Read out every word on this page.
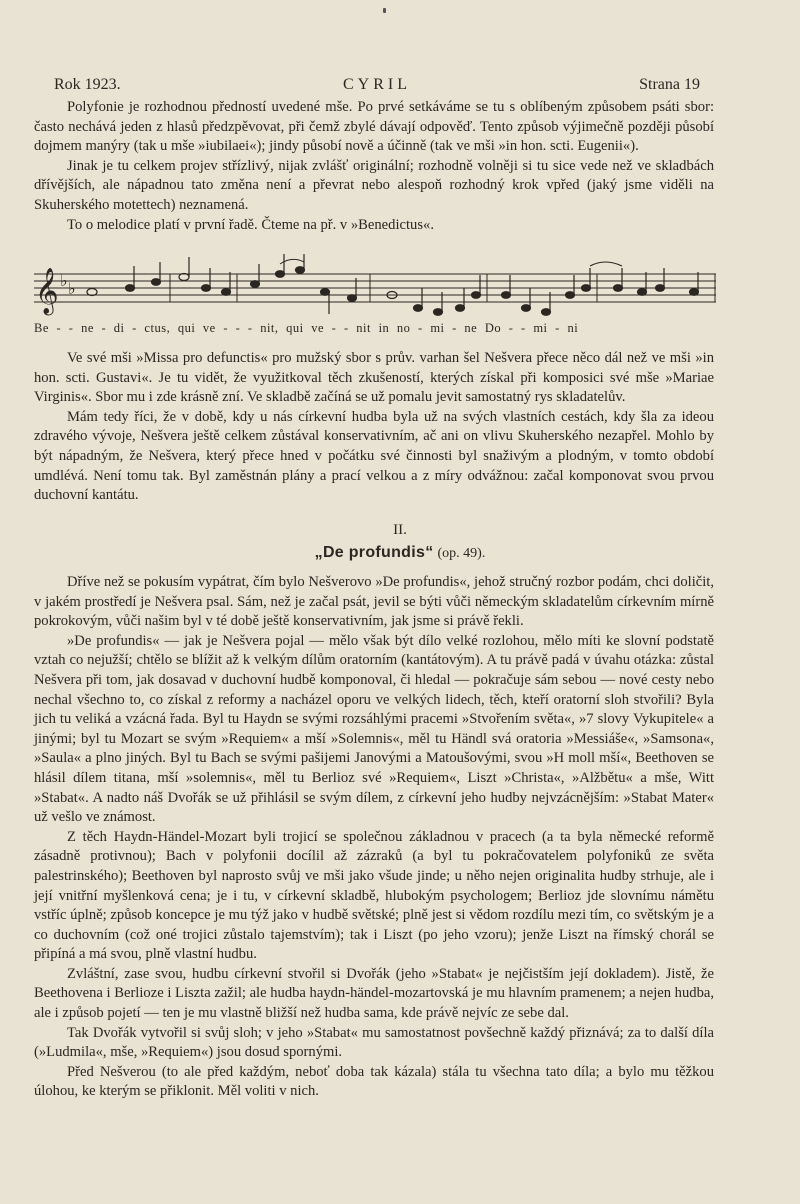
Rok 1923.	CYRIL	Strana 19

Polyfonie je rozhodnou předností uvedené mše. Po prvé setkáváme se tu s oblíbeným způsobem psáti sbor: často nechává jeden z hlasů předzpěvovat, při čemž zbylé dávají odpověď. Tento způsob výjimečně později působí dojmem manýry (tak u mše »iubilaei«); jindy působí nově a účinně (tak ve mši »in hon. scti. Eugenii«).

Jinak je tu celkem projev střízlivý, nijak zvlášť originální; rozhodně volněji si tu sice vede než ve skladbách dřívějších, ale nápadnou tato změna není a převrat nebo alespoň rozhodný krok vpřed (jaký jsme viděli na Skuherského motettech) neznamená.

To o melodice platí v první řadě. Čteme na př. v »Benedictus«.

𝄞 ♭ ♭
Be - - ne - di - ctus, qui ve - - - nit, qui ve - - nit in no - mi - ne Do - - mi - ni

Ve své mši »Missa pro defunctis« pro mužský sbor s prův. varhan šel Nešvera přece něco dál než ve mši »in hon. scti. Gustavi«. Je tu vidět, že využitkoval těch zkušeností, kterých získal při komposici své mše »Mariae Virginis«. Sbor mu i zde krásně zní. Ve skladbě začíná se už pomalu jevit samostatný rys skladatelův.

Mám tedy říci, že v době, kdy u nás církevní hudba byla už na svých vlastních cestách, kdy šla za ideou zdravého vývoje, Nešvera ještě celkem zůstával konservativním, ač ani on vlivu Skuherského nezapřel. Mohlo by být nápadným, že Nešvera, který přece hned v počátku své činnosti byl snaživým a plodným, v tomto období umdlévá. Není tomu tak. Byl zaměstnán plány a prací velkou a z míry odvážnou: začal komponovat svou prvou duchovní kantátu.

II.
„De profundis“ (op. 49).

Dříve než se pokusím vypátrat, čím bylo Nešverovo »De profundis«, jehož stručný rozbor podám, chci doličit, v jakém prostředí je Nešvera psal. Sám, než je začal psát, jevil se býti vůči německým skladatelům církevním mírně pokrokovým, vůči našim byl v té době ještě konservativním, jak jsme si právě řekli.

»De profundis« — jak je Nešvera pojal — mělo však být dílo velké rozlohou, mělo míti ke slovní podstatě vztah co nejužší; chtělo se blížit až k velkým dílům oratorním (kantátovým). A tu právě padá v úvahu otázka: zůstal Nešvera při tom, jak dosavad v duchovní hudbě komponoval, či hledal — pokračuje sám sebou — nové cesty nebo nechal všechno to, co získal z reformy a nacházel oporu ve velkých lidech, těch, kteří oratorní sloh stvořili? Byla jich tu veliká a vzácná řada. Byl tu Haydn se svými rozsáhlými pracemi »Stvořením světa«, »7 slovy Vykupitele« a jinými; byl tu Mozart se svým »Requiem« a mší »Solemnis«, měl tu Händl svá oratoria »Messiáše«, »Samsona«, »Saula« a plno jiných. Byl tu Bach se svými pašijemi Janovými a Matoušovými, svou »H moll mší«, Beethoven se hlásil dílem titana, mší »solemnis«, měl tu Berlioz své »Requiem«, Liszt »Christa«, »Alžbětu« a mše, Witt »Stabat«. A nadto náš Dvořák se už přihlásil se svým dílem, z církevní jeho hudby nejvzácnějším: »Stabat Mater« už vešlo ve známost.

Z těch Haydn-Händel-Mozart byli trojicí se společnou základnou v pracech (a ta byla německé reformě zásadně protivnou); Bach v polyfonii docílil až zázraků (a byl tu pokračovatelem polyfoniků ze světa palestrinského); Beethoven byl naprosto svůj ve mši jako všude jinde; u něho nejen originalita hudby strhuje, ale i její vnitřní myšlenková cena; je i tu, v církevní skladbě, hlubokým psychologem; Berlioz jde slovnímu námětu vstříc úplně; způsob koncepce je mu týž jako v hudbě světské; plně jest si vědom rozdílu mezi tím, co světským je a co duchovním (což oné trojici zůstalo tajemstvím); tak i Liszt (po jeho vzoru); jenže Liszt na římský chorál se připíná a má svou, plně vlastní hudbu.

Zvláštní, zase svou, hudbu církevní stvořil si Dvořák (jeho »Stabat« je nejčistším její dokladem). Jistě, že Beethovena i Berlioze i Liszta zažil; ale hudba haydn-händel-mozartovská je mu hlavním pramenem; a nejen hudba, ale i způsob pojetí — ten je mu vlastně bližší než hudba sama, kde právě nejvíc ze sebe dal.

Tak Dvořák vytvořil si svůj sloh; v jeho »Stabat« mu samostatnost povšechně každý přiznává; za to další díla (»Ludmila«, mše, »Requiem«) jsou dosud spornými.

Před Nešverou (to ale před každým, neboť doba tak kázala) stála tu všechna tato díla; a bylo mu těžkou úlohou, ke kterým se přiklonit. Měl voliti v nich.
